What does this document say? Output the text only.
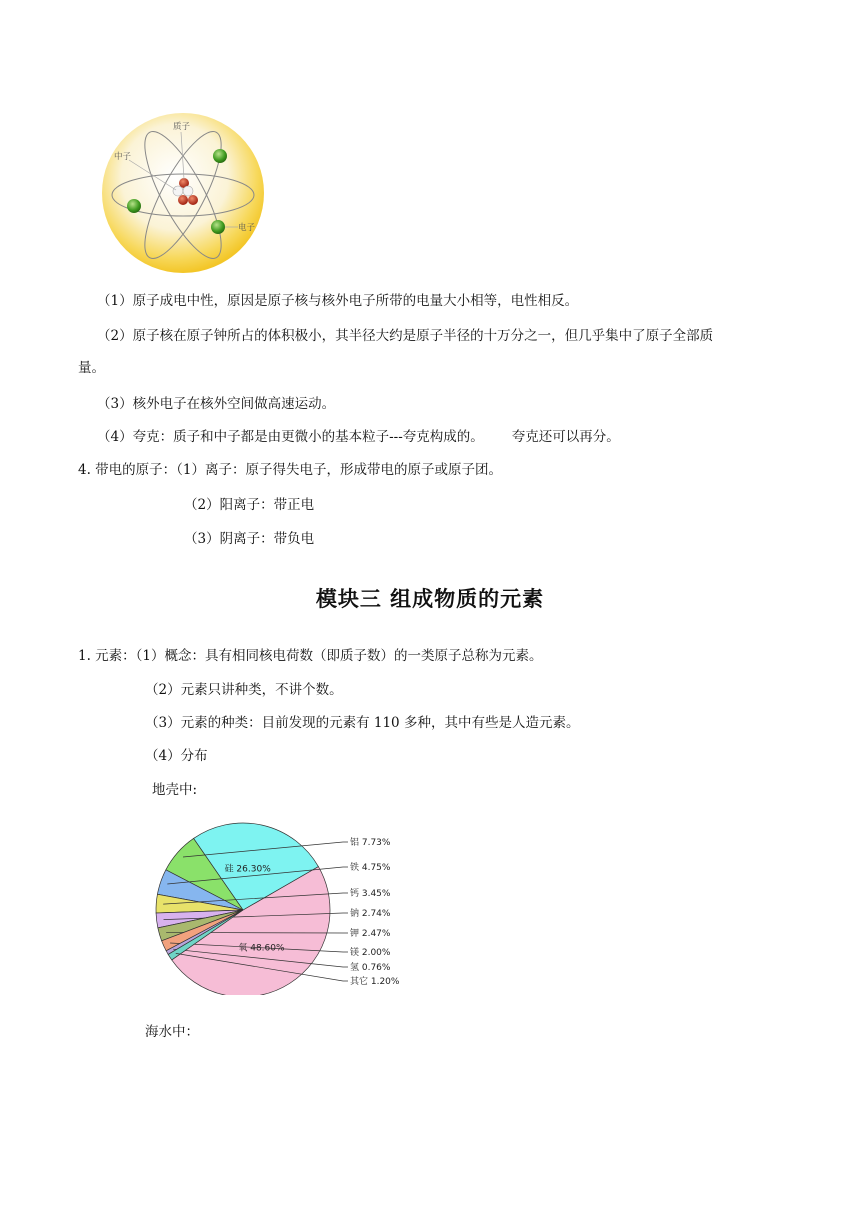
质子
中子
电子
（1）原子成电中性，原因是原子核与核外电子所带的电量大小相等，电性相反。
（2）原子核在原子钟所占的体积极小，其半径大约是原子半径的十万分之一，但几乎集中了原子全部质
量。
（3）核外电子在核外空间做高速运动。
（4）夸克：质子和中子都是由更微小的基本粒子---夸克构成的。 夸克还可以再分。
4. 带电的原子：（1）离子：原子得失电子，形成带电的原子或原子团。
（2）阳离子：带正电
（3）阴离子：带负电
模块三 组成物质的元素
1. 元素：（1）概念：具有相同核电荷数（即质子数）的一类原子总称为元素。
（2）元素只讲种类，不讲个数。
（3）元素的种类：目前发现的元素有 110 多种，其中有些是人造元素。
（4）分布
地壳中:
氧 48.60%
硅 26.30%
铝 7.73%
铁 4.75%
钙 3.45%
钠 2.74%
钾 2.47%
镁 2.00%
氢 0.76%
其它 1.20%
海水中：
